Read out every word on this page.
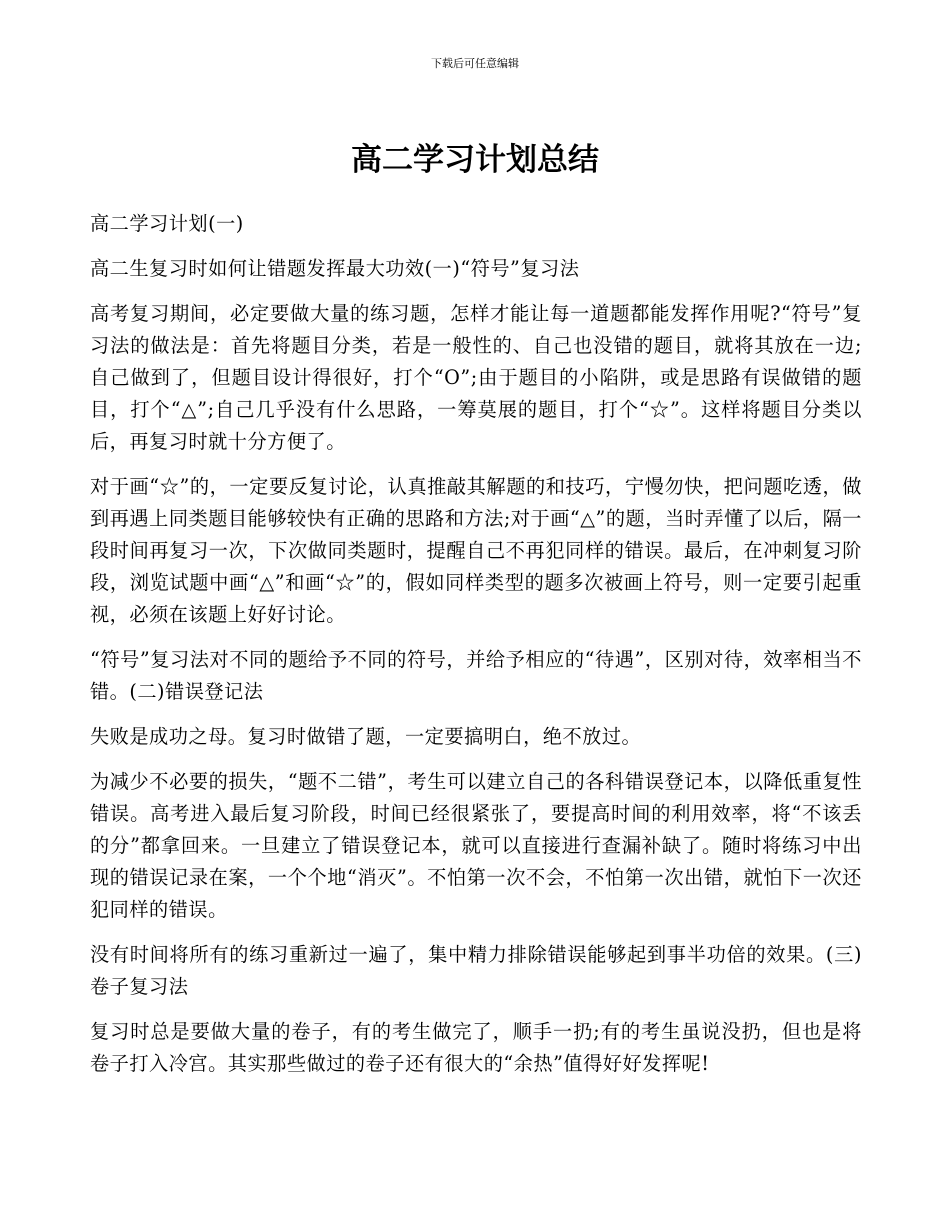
下载后可任意编辑
高二学习计划总结

高二学习计划(一)

高二生复习时如何让错题发挥最大功效(一)“符号”复习法

高考复习期间，必定要做大量的练习题，怎样才能让每一道题都能发挥作用呢?“符号”复习法的做法是：首先将题目分类，若是一般性的、自己也没错的题目，就将其放在一边;自己做到了，但题目设计得很好，打个“O”;由于题目的小陷阱，或是思路有误做错的题目，打个“△”;自己几乎没有什么思路，一筹莫展的题目，打个“☆”。这样将题目分类以后，再复习时就十分方便了。

对于画“☆”的，一定要反复讨论，认真推敲其解题的和技巧，宁慢勿快，把问题吃透，做到再遇上同类题目能够较快有正确的思路和方法;对于画“△”的题，当时弄懂了以后，隔一段时间再复习一次，下次做同类题时，提醒自己不再犯同样的错误。最后，在冲刺复习阶段，浏览试题中画“△”和画“☆”的，假如同样类型的题多次被画上符号，则一定要引起重视，必须在该题上好好讨论。

“符号”复习法对不同的题给予不同的符号，并给予相应的“待遇”，区别对待，效率相当不错。(二)错误登记法

失败是成功之母。复习时做错了题，一定要搞明白，绝不放过。

为减少不必要的损失，“题不二错”，考生可以建立自己的各科错误登记本，以降低重复性错误。高考进入最后复习阶段，时间已经很紧张了，要提高时间的利用效率，将“不该丢的分”都拿回来。一旦建立了错误登记本，就可以直接进行查漏补缺了。随时将练习中出现的错误记录在案，一个个地“消灭”。不怕第一次不会，不怕第一次出错，就怕下一次还犯同样的错误。

没有时间将所有的练习重新过一遍了，集中精力排除错误能够起到事半功倍的效果。(三)卷子复习法

复习时总是要做大量的卷子，有的考生做完了，顺手一扔;有的考生虽说没扔，但也是将卷子打入冷宫。其实那些做过的卷子还有很大的“余热”值得好好发挥呢!
